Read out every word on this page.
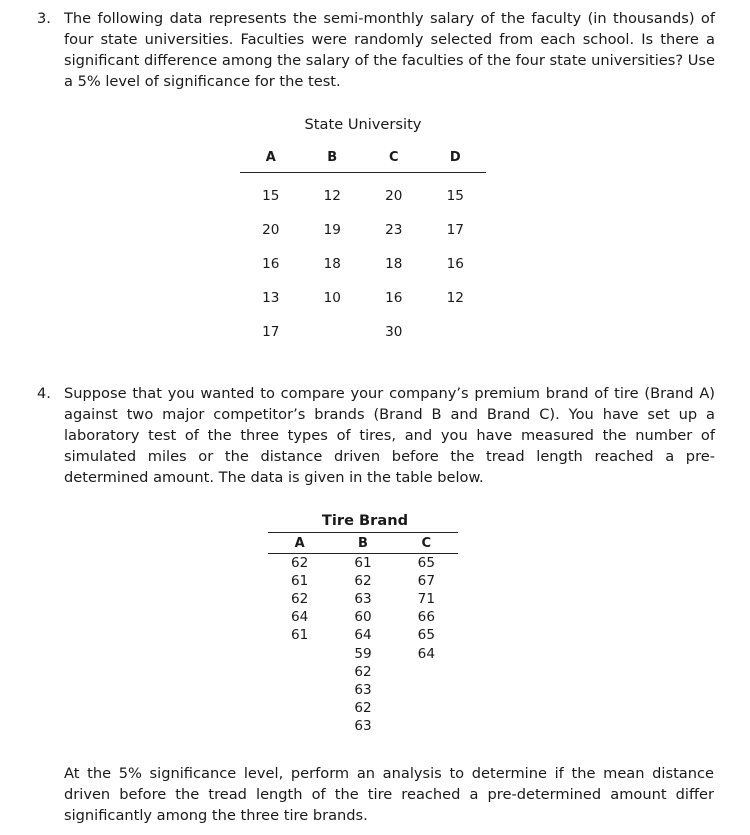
3. The following data represents the semi-monthly salary of the faculty (in thousands) of four state universities. Faculties were randomly selected from each school. Is there a significant difference among the salary of the faculties of the four state universities? Use a 5% level of significance for the test.
State University
A	B	C	D
15	12	20	15
20	19	23	17
16	18	18	16
13	10	16	12
17		30	
4. Suppose that you wanted to compare your company’s premium brand of tire (Brand A) against two major competitor’s brands (Brand B and Brand C). You have set up a laboratory test of the three types of tires, and you have measured the number of simulated miles or the distance driven before the tread length reached a pre-determined amount. The data is given in the table below.
Tire Brand
A	B	C
62	61	65
61	62	67
62	63	71
64	60	66
61	64	65
	59	64
	62	
	63	
	62	
	63	
At the 5% significance level, perform an analysis to determine if the mean distance driven before the tread length of the tire reached a pre-determined amount differ significantly among the three tire brands.
